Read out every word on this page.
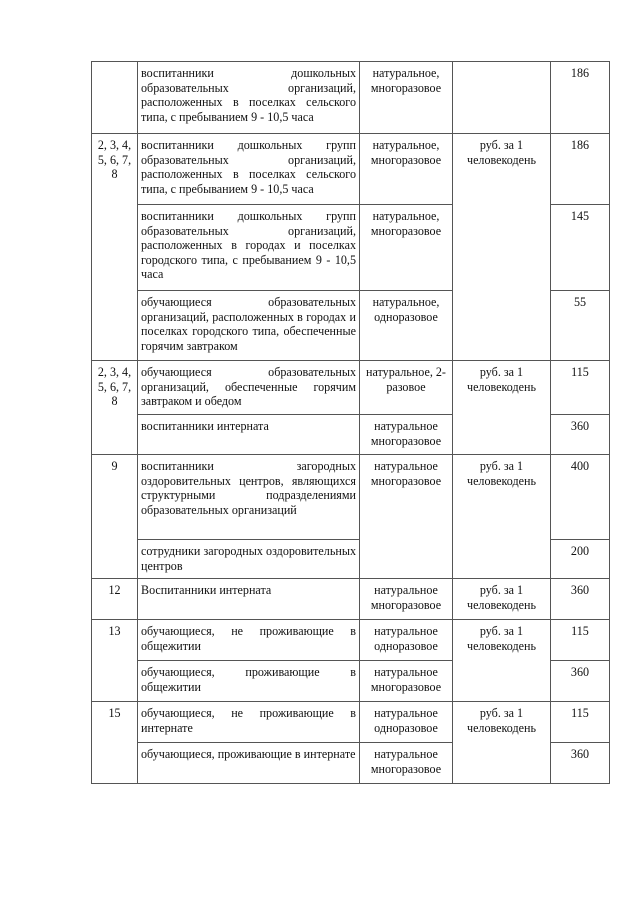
	воспитанники дошкольных образовательных организаций, расположенных в поселках сельского типа, с пребыванием 9 - 10,5 часа	натуральное, многоразовое		186
2, 3, 4, 5, 6, 7, 8	воспитанники дошкольных групп образовательных организаций, расположенных в поселках сельского типа, с пребыванием 9 - 10,5 часа	натуральное, многоразовое	руб. за 1 человекодень	186
	воспитанники дошкольных групп образовательных организаций, расположенных в городах и поселках городского типа, с пребыванием 9 - 10,5 часа	натуральное, многоразовое		145
	обучающиеся образовательных организаций, расположенных в городах и поселках городского типа, обеспеченные горячим завтраком	натуральное, одноразовое		55
2, 3, 4, 5, 6, 7, 8	обучающиеся образовательных организаций, обеспеченные горячим завтраком и обедом	натуральное, 2-разовое	руб. за 1 человекодень	115
	воспитанники интерната	натуральное многоразовое		360
9	воспитанники загородных оздоровительных центров, являющихся структурными подразделениями образовательных организаций	натуральное многоразовое	руб. за 1 человекодень	400
	сотрудники загородных оздоровительных центров			200
12	Воспитанники интерната	натуральное многоразовое	руб. за 1 человекодень	360
13	обучающиеся, не проживающие в общежитии	натуральное одноразовое	руб. за 1 человекодень	115
	обучающиеся, проживающие в общежитии	натуральное многоразовое		360
15	обучающиеся, не проживающие в интернате	натуральное одноразовое	руб. за 1 человекодень	115
	обучающиеся, проживающие в интернате	натуральное многоразовое		360
